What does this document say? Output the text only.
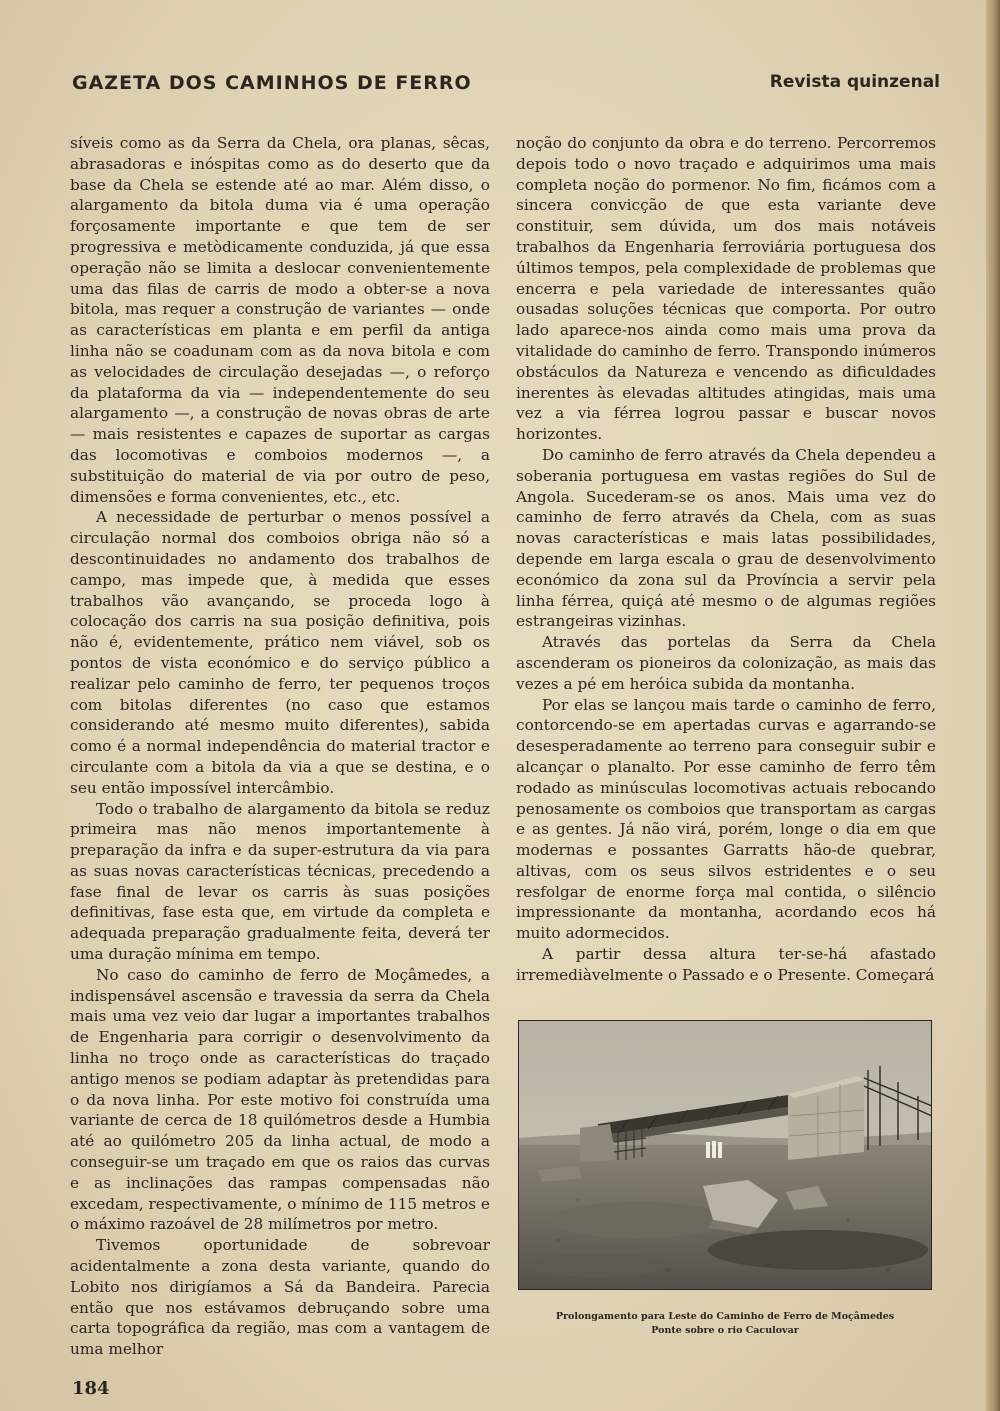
GAZETA DOS CAMINHOS DE FERRO	Revista quinzenal

síveis como as da Serra da Chela, ora planas, sêcas, abrasadoras e inóspitas como as do deserto que da base da Chela se estende até ao mar. Além disso, o alargamento da bitola duma via é uma operação forçosamente importante e que tem de ser progressiva e metòdicamente conduzida, já que essa operação não se limita a deslocar convenientemente uma das filas de carris de modo a obter-se a nova bitola, mas requer a construção de variantes — onde as características em planta e em perfil da antiga linha não se coadunam com as da nova bitola e com as velocidades de circulação desejadas —, o reforço da plataforma da via — independentemente do seu alargamento —, a construção de novas obras de arte — mais resistentes e capazes de suportar as cargas das locomotivas e comboios modernos —, a substituição do material de via por outro de peso, dimensões e forma convenientes, etc., etc.

A necessidade de perturbar o menos possível a circulação normal dos comboios obriga não só a descontinuidades no andamento dos trabalhos de campo, mas impede que, à medida que esses trabalhos vão avançando, se proceda logo à colocação dos carris na sua posição definitiva, pois não é, evidentemente, prático nem viável, sob os pontos de vista económico e do serviço público a realizar pelo caminho de ferro, ter pequenos troços com bitolas diferentes (no caso que estamos considerando até mesmo muito diferentes), sabida como é a normal independência do material tractor e circulante com a bitola da via a que se destina, e o seu então impossível intercâmbio.

Todo o trabalho de alargamento da bitola se reduz primeira mas não menos importantemente à preparação da infra e da super-estrutura da via para as suas novas características técnicas, precedendo a fase final de levar os carris às suas posições definitivas, fase esta que, em virtude da completa e adequada preparação gradualmente feita, deverá ter uma duração mínima em tempo.

No caso do caminho de ferro de Moçâmedes, a indispensável ascensão e travessia da serra da Chela mais uma vez veio dar lugar a importantes trabalhos de Engenharia para corrigir o desenvolvimento da linha no troço onde as características do traçado antigo menos se podiam adaptar às pretendidas para o da nova linha. Por este motivo foi construída uma variante de cerca de 18 quilómetros desde a Humbia até ao quilómetro 205 da linha actual, de modo a conseguir-se um traçado em que os raios das curvas e as inclinações das rampas compensadas não excedam, respectivamente, o mínimo de 115 metros e o máximo razoável de 28 milímetros por metro.

Tivemos oportunidade de sobrevoar acidentalmente a zona desta variante, quando do Lobito nos dirigíamos a Sá da Bandeira. Parecia então que nos estávamos debruçando sobre uma carta topográfica da região, mas com a vantagem de uma melhor

noção do conjunto da obra e do terreno. Percorremos depois todo o novo traçado e adquirimos uma mais completa noção do pormenor. No fim, ficámos com a sincera convicção de que esta variante deve constituir, sem dúvida, um dos mais notáveis trabalhos da Engenharia ferroviária portuguesa dos últimos tempos, pela complexidade de problemas que encerra e pela variedade de interessantes quão ousadas soluções técnicas que comporta. Por outro lado aparece-nos ainda como mais uma prova da vitalidade do caminho de ferro. Transpondo inúmeros obstáculos da Natureza e vencendo as dificuldades inerentes às elevadas altitudes atingidas, mais uma vez a via férrea logrou passar e buscar novos horizontes.

Do caminho de ferro através da Chela dependeu a soberania portuguesa em vastas regiões do Sul de Angola. Sucederam-se os anos. Mais uma vez do caminho de ferro através da Chela, com as suas novas características e mais latas possibilidades, depende em larga escala o grau de desenvolvimento económico da zona sul da Província a servir pela linha férrea, quiçá até mesmo o de algumas regiões estrangeiras vizinhas.

Através das portelas da Serra da Chela ascenderam os pioneiros da colonização, as mais das vezes a pé em heróica subida da montanha.

Por elas se lançou mais tarde o caminho de ferro, contorcendo-se em apertadas curvas e agarrando-se desesperadamente ao terreno para conseguir subir e alcançar o planalto. Por esse caminho de ferro têm rodado as minúsculas locomotivas actuais rebocando penosamente os comboios que transportam as cargas e as gentes. Já não virá, porém, longe o dia em que modernas e possantes Garratts hão-de quebrar, altivas, com os seus silvos estridentes e o seu resfolgar de enorme força mal contida, o silêncio impressionante da montanha, acordando ecos há muito adormecidos.

A partir dessa altura ter-se-há afastado irremediàvelmente o Passado e o Presente. Começará

Prolongamento para Leste do Caminho de Ferro de Moçâmedes
Ponte sobre o rio Caculovar
184
